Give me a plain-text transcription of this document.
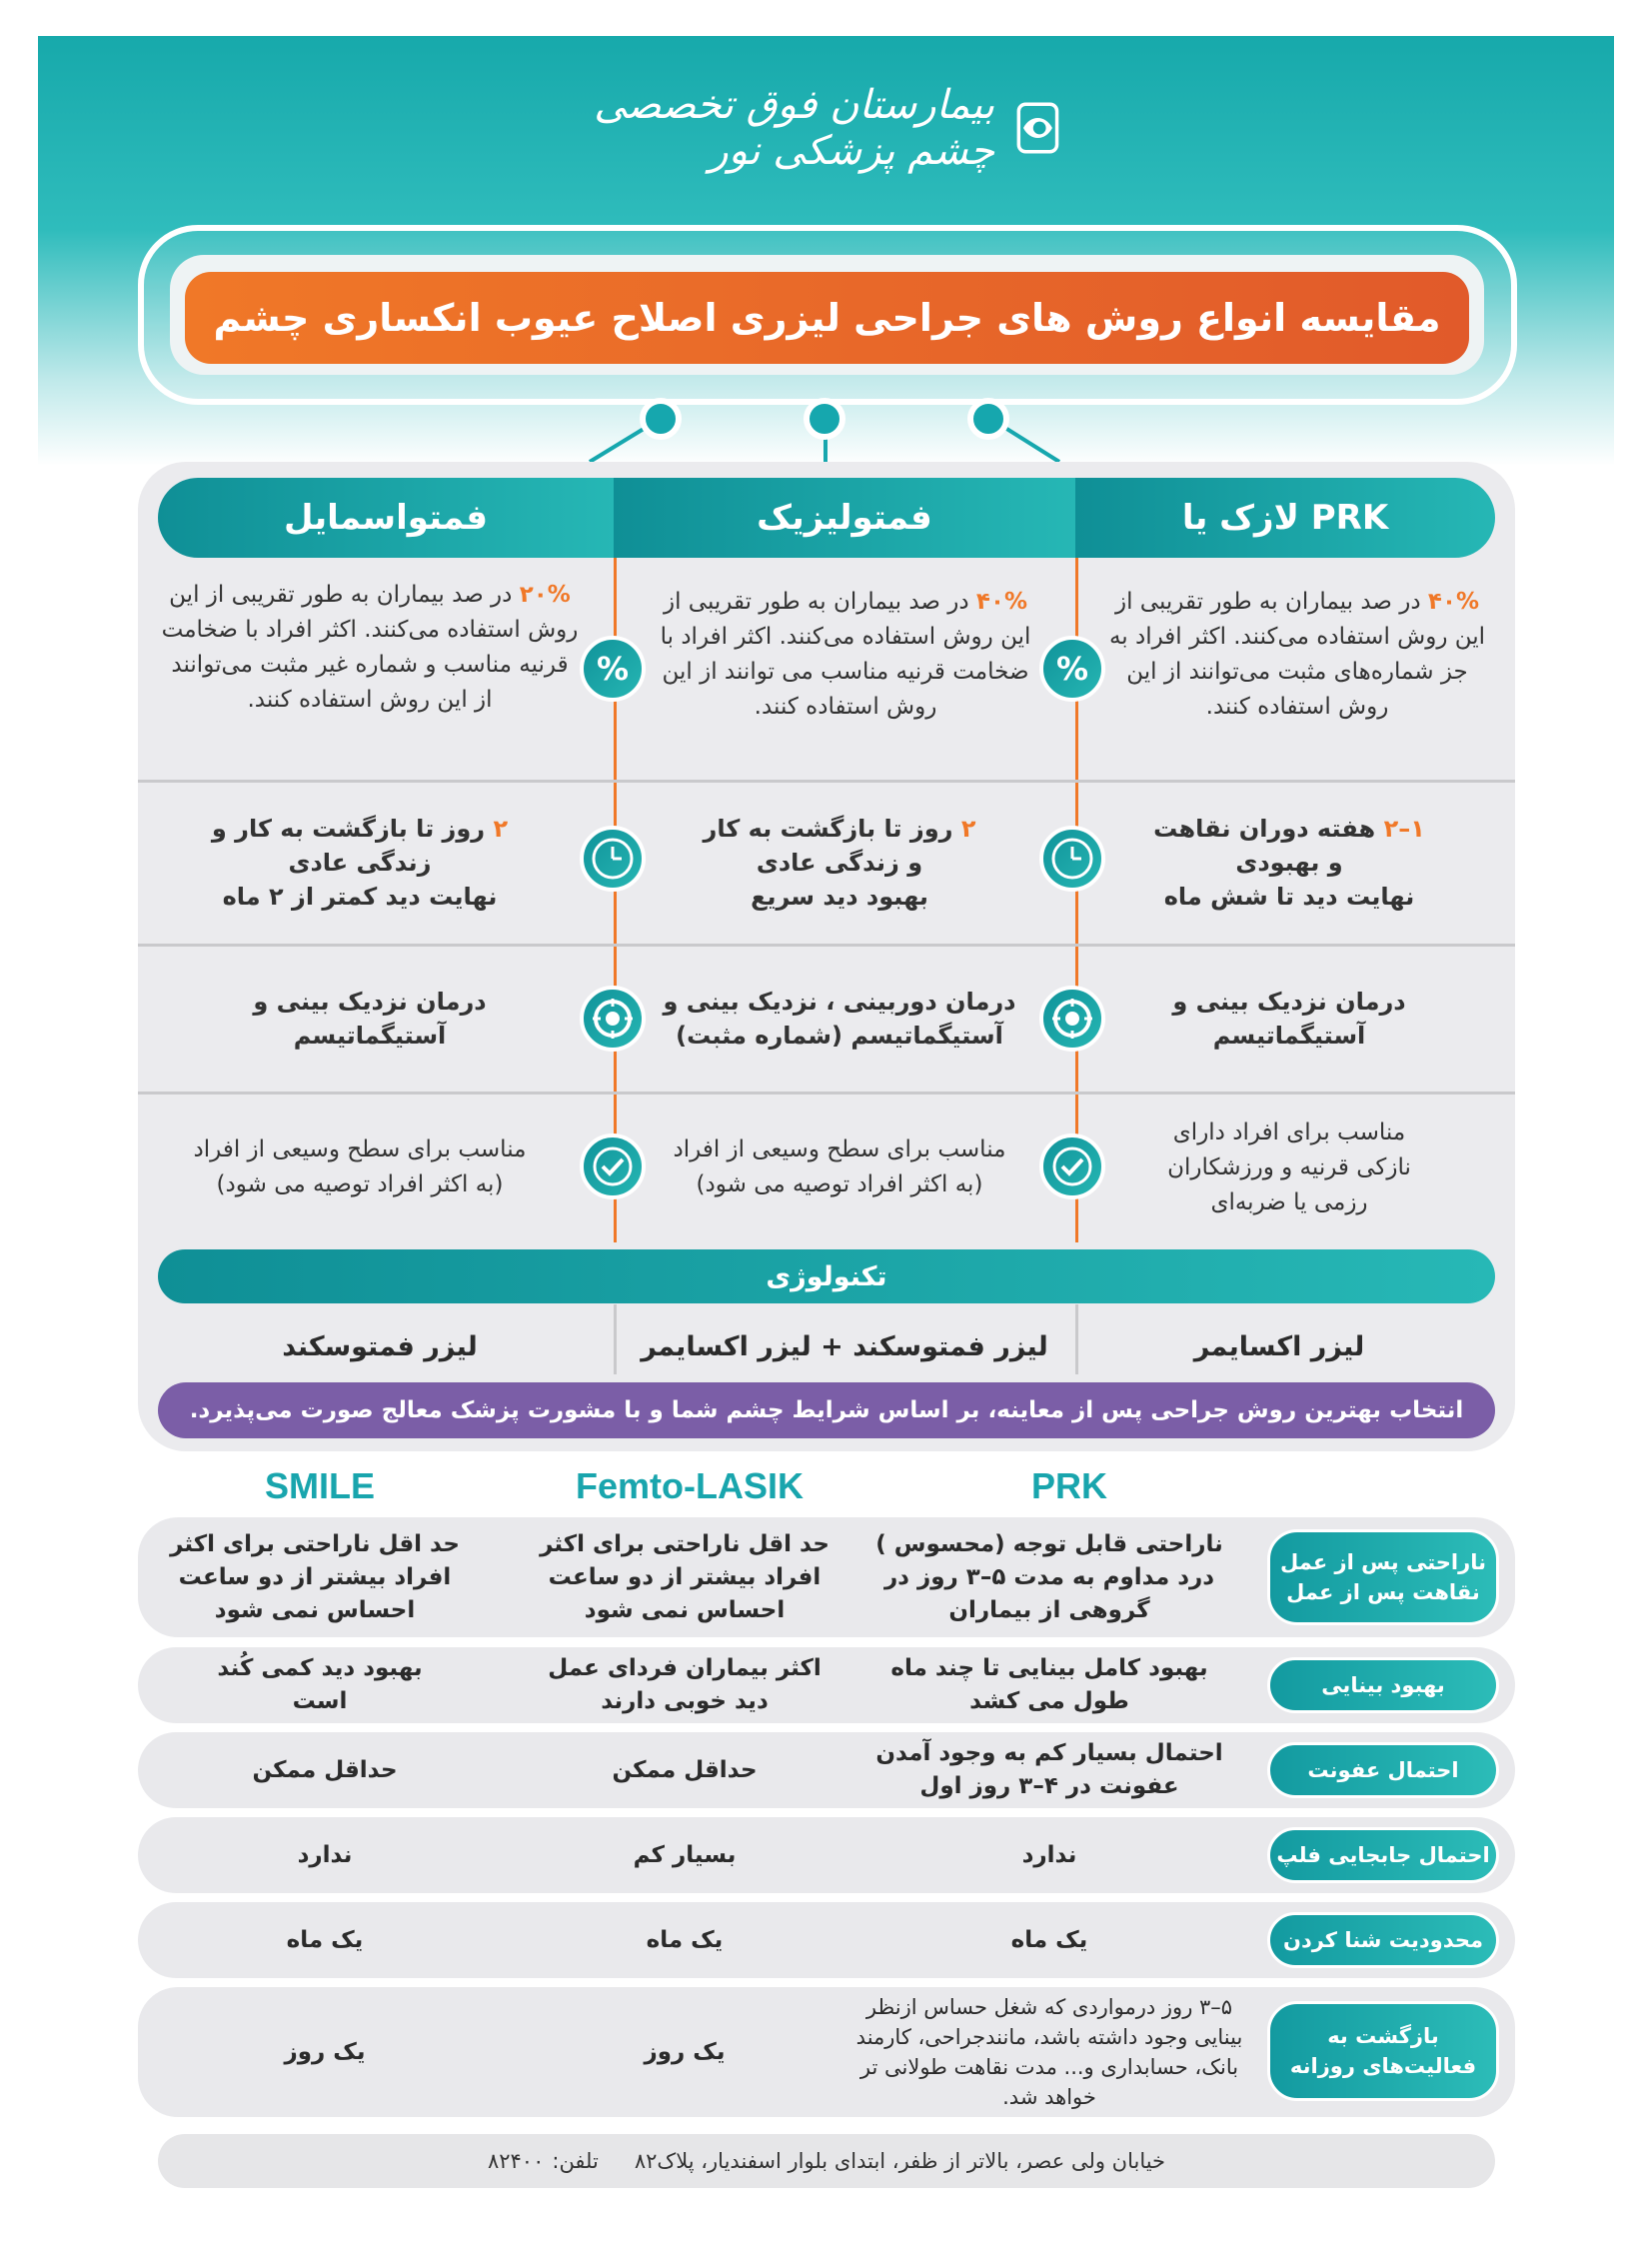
بیمارستان فوق تخصصی چشم پزشکی نور
مقایسه انواع روش های جراحی لیزری اصلاح عیوب انکساری چشم
فمتواسمایل	فمتولیزیک	لازک یا PRK
۴۰% در صد بیماران به طور تقریبی از این روش استفاده می‌کنند. اکثر افراد به جز شماره‌های مثبت می‌توانند از این روش استفاده کنند.
۴۰% در صد بیماران به طور تقریبی از این روش استفاده می‌کنند. اکثر افراد با ضخامت قرنیه مناسب می توانند از این روش استفاده کنند.
۲۰% در صد بیماران به طور تقریبی از این روش استفاده می‌کنند. اکثر افراد با ضخامت قرنیه مناسب و شماره غیر مثبت می‌توانند از این روش استفاده کنند.
%
%
۱–۲ هفته دوران نقاهت
و بهبودی
نهایت دید تا شش ماه
۲ روز تا بازگشت به کار
و زندگی عادی
بهبود دید سریع
۲ روز تا بازگشت به کار و
زندگی عادی
نهایت دید کمتر از ۲ ماه
درمان نزدیک بینی و
آستیگماتیسم
درمان دوربینی ، نزدیک بینی و
آستیگماتیسم (شماره مثبت)
درمان نزدیک بینی و
آستیگماتیسم
مناسب برای افراد دارای
نازکی قرنیه و ورزشکاران
رزمی یا ضربه‌ای
مناسب برای سطح وسیعی از افراد
(به اکثر افراد توصیه می شود)
مناسب برای سطح وسیعی از افراد
(به اکثر افراد توصیه می شود)
تکنولوژی
لیزر اکسایمر
لیزر فمتوسکند + لیزر اکسایمر
لیزر فمتوسکند
انتخاب بهترین روش جراحی پس از معاینه، بر اساس شرایط چشم شما و با مشورت پزشک معالج صورت می‌پذیرد.
PRK
Femto-LASIK
SMILE
ناراحتی پس از عمل نقاهت پس از عمل
ناراحتی قابل توجه (محسوس ) درد مداوم به مدت ۵–۳ روز در گروهی از بیماران
حد اقل ناراحتی برای اکثر افراد بیشتر از دو ساعت احساس نمی شود
حد اقل ناراحتی برای اکثر افراد بیشتر از دو ساعت احساس نمی شود
بهبود بینایی
بهبود کامل بینایی تا چند ماه طول می کشد
اکثر بیماران فردای عمل دید خوبی دارند
بهبود دید کمی کُند است
احتمال عفونت
احتمال بسیار کم به وجود آمدن عفونت در ۴–۳ روز اول
حداقل ممکن
حداقل ممکن
احتمال جابجایی فلپ
ندارد
بسیار کم
ندارد
محدودیت شنا کردن
یک ماه
یک ماه
یک ماه
بازگشت به فعالیت‌های روزانه
۵–۳ روز درمواردی که شغل حساس ازنظر بینایی وجود داشته باشد، مانندجراحی، کارمند بانک، حسابداری و... مدت نقاهت طولانی تر خواهد شد.
یک روز
یک روز
خیابان ولی عصر، بالاتر از ظفر، ابتدای بلوار اسفندیار، پلاک۸۲
تلفن:
۸۲۴۰۰
